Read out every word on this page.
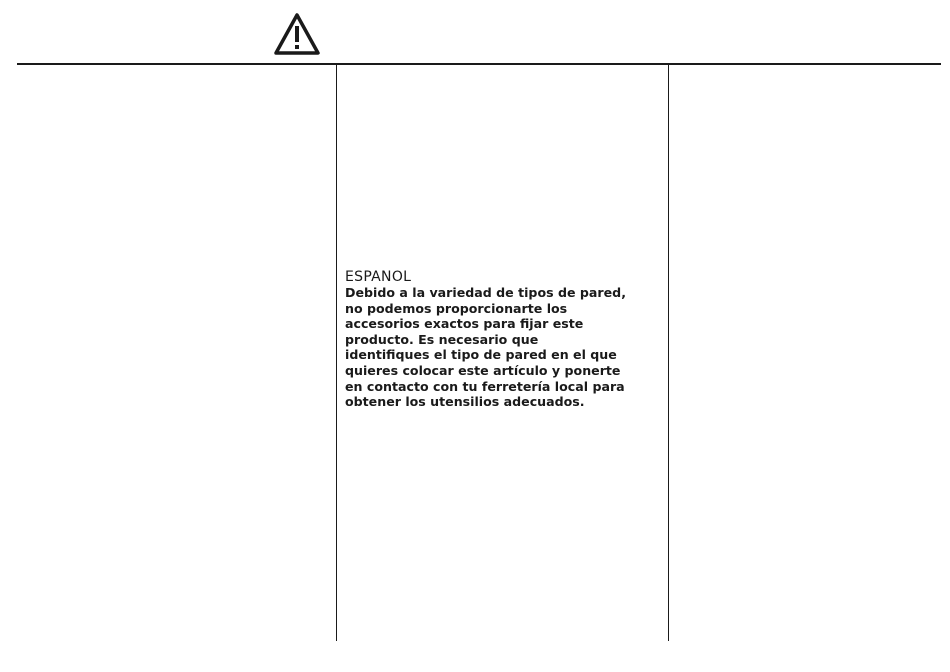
ESPANOL

Debido a la variedad de tipos de pared,
no podemos proporcionarte los
accesorios exactos para fijar este
producto. Es necesario que
identifiques el tipo de pared en el que
quieres colocar este artículo y ponerte
en contacto con tu ferretería local para
obtener los utensilios adecuados.
